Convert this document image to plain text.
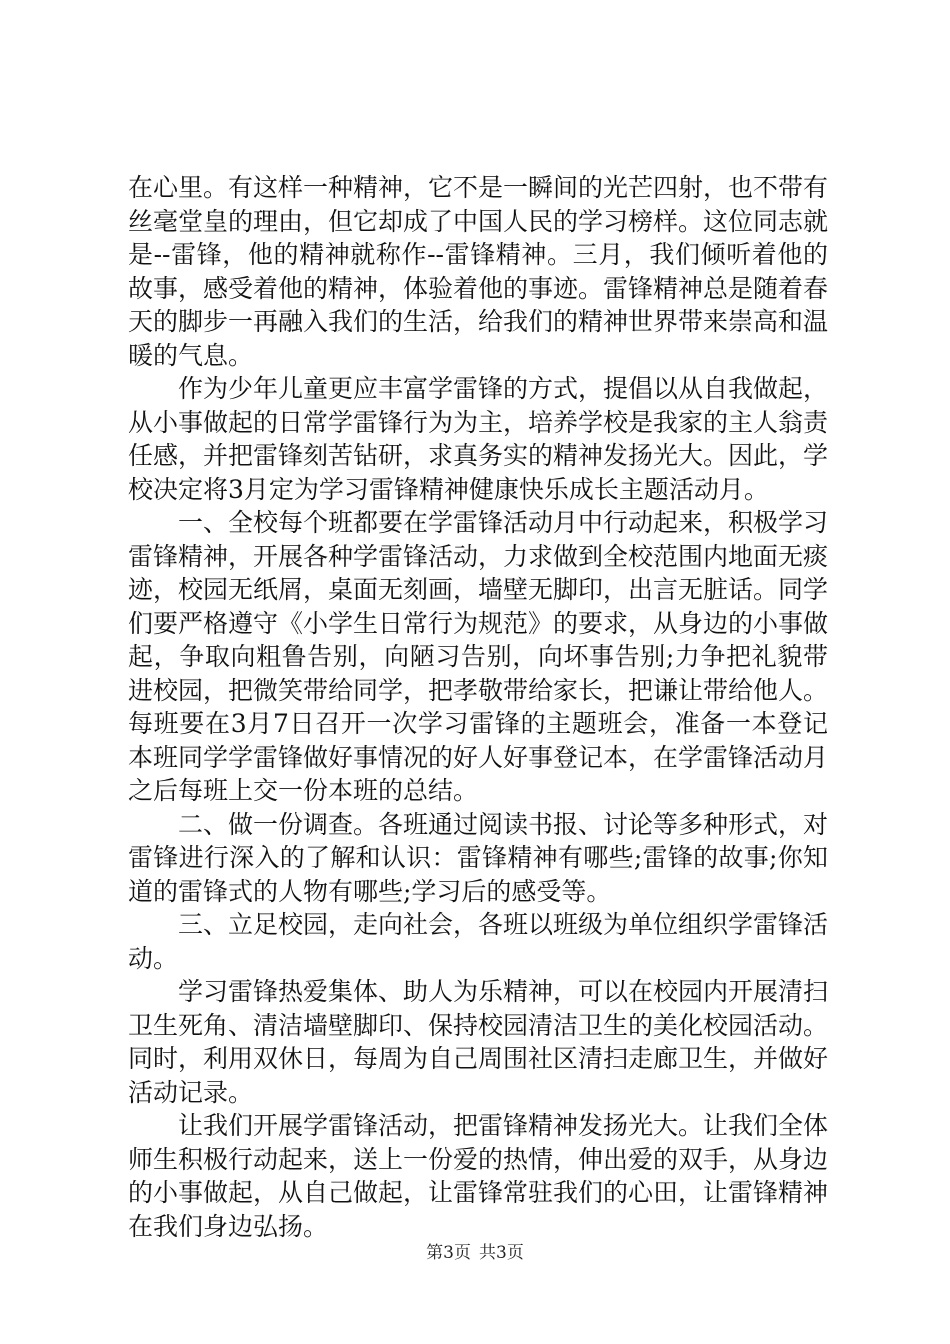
在心里。有这样一种精神，它不是一瞬间的光芒四射，也不带有丝毫堂皇的理由，但它却成了中国人民的学习榜样。这位同志就是--雷锋，他的精神就称作--雷锋精神。三月，我们倾听着他的故事，感受着他的精神，体验着他的事迹。雷锋精神总是随着春天的脚步一再融入我们的生活，给我们的精神世界带来崇高和温暖的气息。

作为少年儿童更应丰富学雷锋的方式，提倡以从自我做起，从小事做起的日常学雷锋行为为主，培养学校是我家的主人翁责任感，并把雷锋刻苦钻研，求真务实的精神发扬光大。因此，学校决定将3月定为学习雷锋精神健康快乐成长主题活动月。

一、全校每个班都要在学雷锋活动月中行动起来，积极学习雷锋精神，开展各种学雷锋活动，力求做到全校范围内地面无痰迹，校园无纸屑，桌面无刻画，墙壁无脚印，出言无脏话。同学们要严格遵守《小学生日常行为规范》的要求，从身边的小事做起，争取向粗鲁告别，向陋习告别，向坏事告别;力争把礼貌带进校园，把微笑带给同学，把孝敬带给家长，把谦让带给他人。每班要在3月7日召开一次学习雷锋的主题班会，准备一本登记本班同学学雷锋做好事情况的好人好事登记本，在学雷锋活动月之后每班上交一份本班的总结。

二、做一份调查。各班通过阅读书报、讨论等多种形式，对雷锋进行深入的了解和认识：雷锋精神有哪些;雷锋的故事;你知道的雷锋式的人物有哪些;学习后的感受等。

三、立足校园，走向社会，各班以班级为单位组织学雷锋活动。

学习雷锋热爱集体、助人为乐精神，可以在校园内开展清扫卫生死角、清洁墙壁脚印、保持校园清洁卫生的美化校园活动。同时，利用双休日，每周为自己周围社区清扫走廊卫生，并做好活动记录。

让我们开展学雷锋活动，把雷锋精神发扬光大。让我们全体师生积极行动起来，送上一份爱的热情，伸出爱的双手，从身边的小事做起，从自己做起，让雷锋常驻我们的心田，让雷锋精神在我们身边弘扬。

第3页 共3页
